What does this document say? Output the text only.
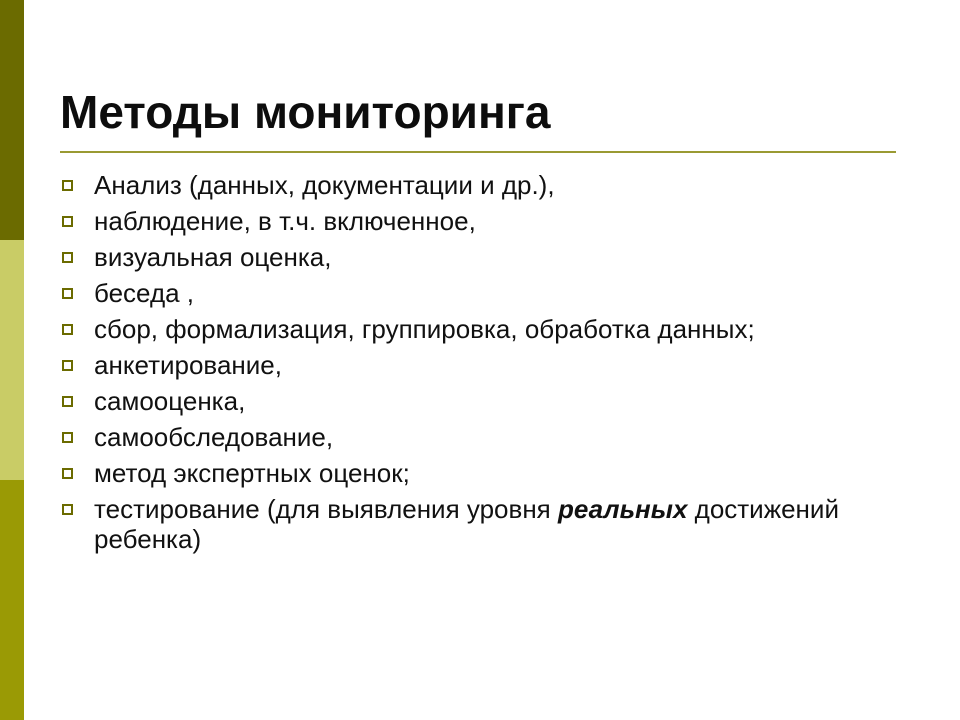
Методы мониторинга
Анализ (данных, документации и др.),
наблюдение, в т.ч. включенное,
визуальная оценка,
беседа ,
сбор, формализация, группировка, обработка данных;
анкетирование,
самооценка,
самообследование,
метод экспертных оценок;
тестирование (для выявления уровня реальных достижений ребенка)
